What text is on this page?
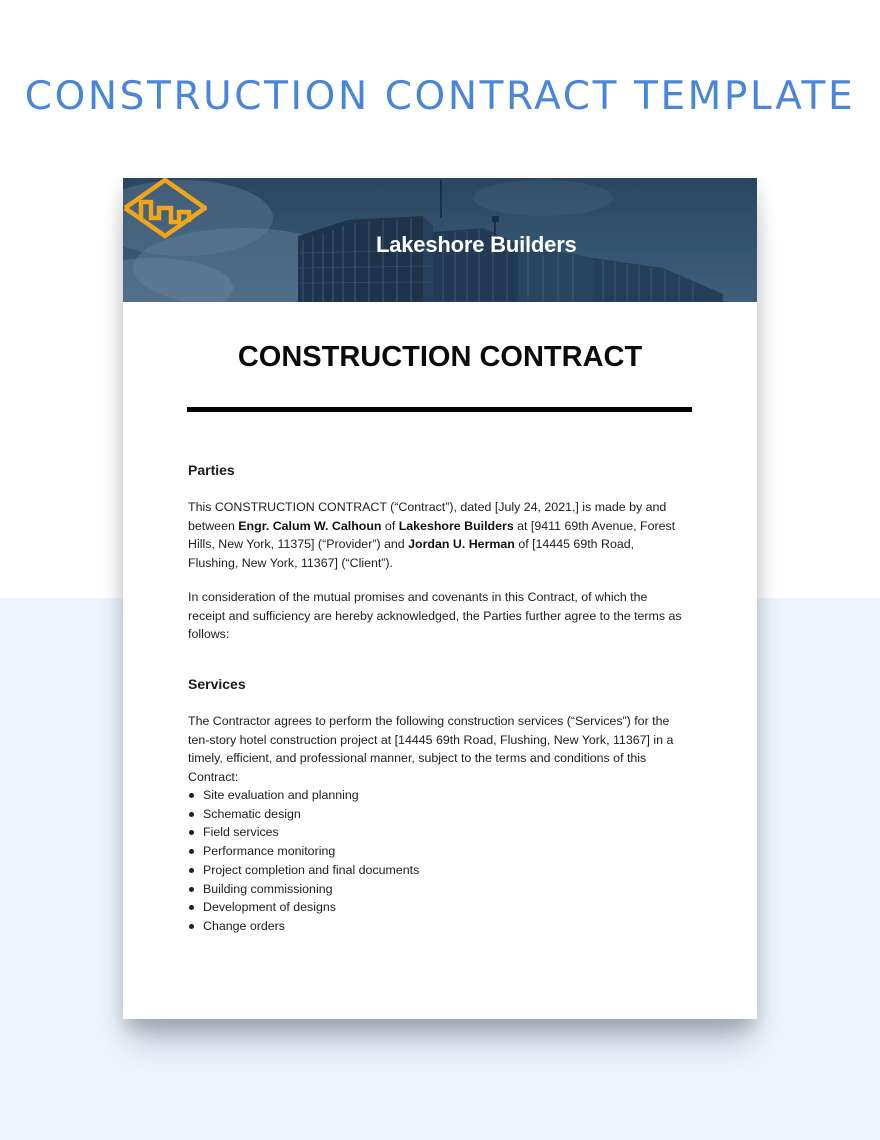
CONSTRUCTION CONTRACT TEMPLATE
Lakeshore Builders
CONSTRUCTION CONTRACT
Parties
This CONSTRUCTION CONTRACT (“Contract”), dated [July 24, 2021,] is made by and between Engr. Calum W. Calhoun of Lakeshore Builders at [9411 69th Avenue, Forest Hills, New York, 11375] (“Provider”) and Jordan U. Herman of [14445 69th Road, Flushing, New York, 11367] (“Client”).
In consideration of the mutual promises and covenants in this Contract, of which the receipt and sufficiency are hereby acknowledged, the Parties further agree to the terms as follows:
Services
The Contractor agrees to perform the following construction services (“Services”) for the ten-story hotel construction project at [14445 69th Road, Flushing, New York, 11367] in a timely, efficient, and professional manner, subject to the terms and conditions of this Contract:
Site evaluation and planning
Schematic design
Field services
Performance monitoring
Project completion and final documents
Building commissioning
Development of designs
Change orders
